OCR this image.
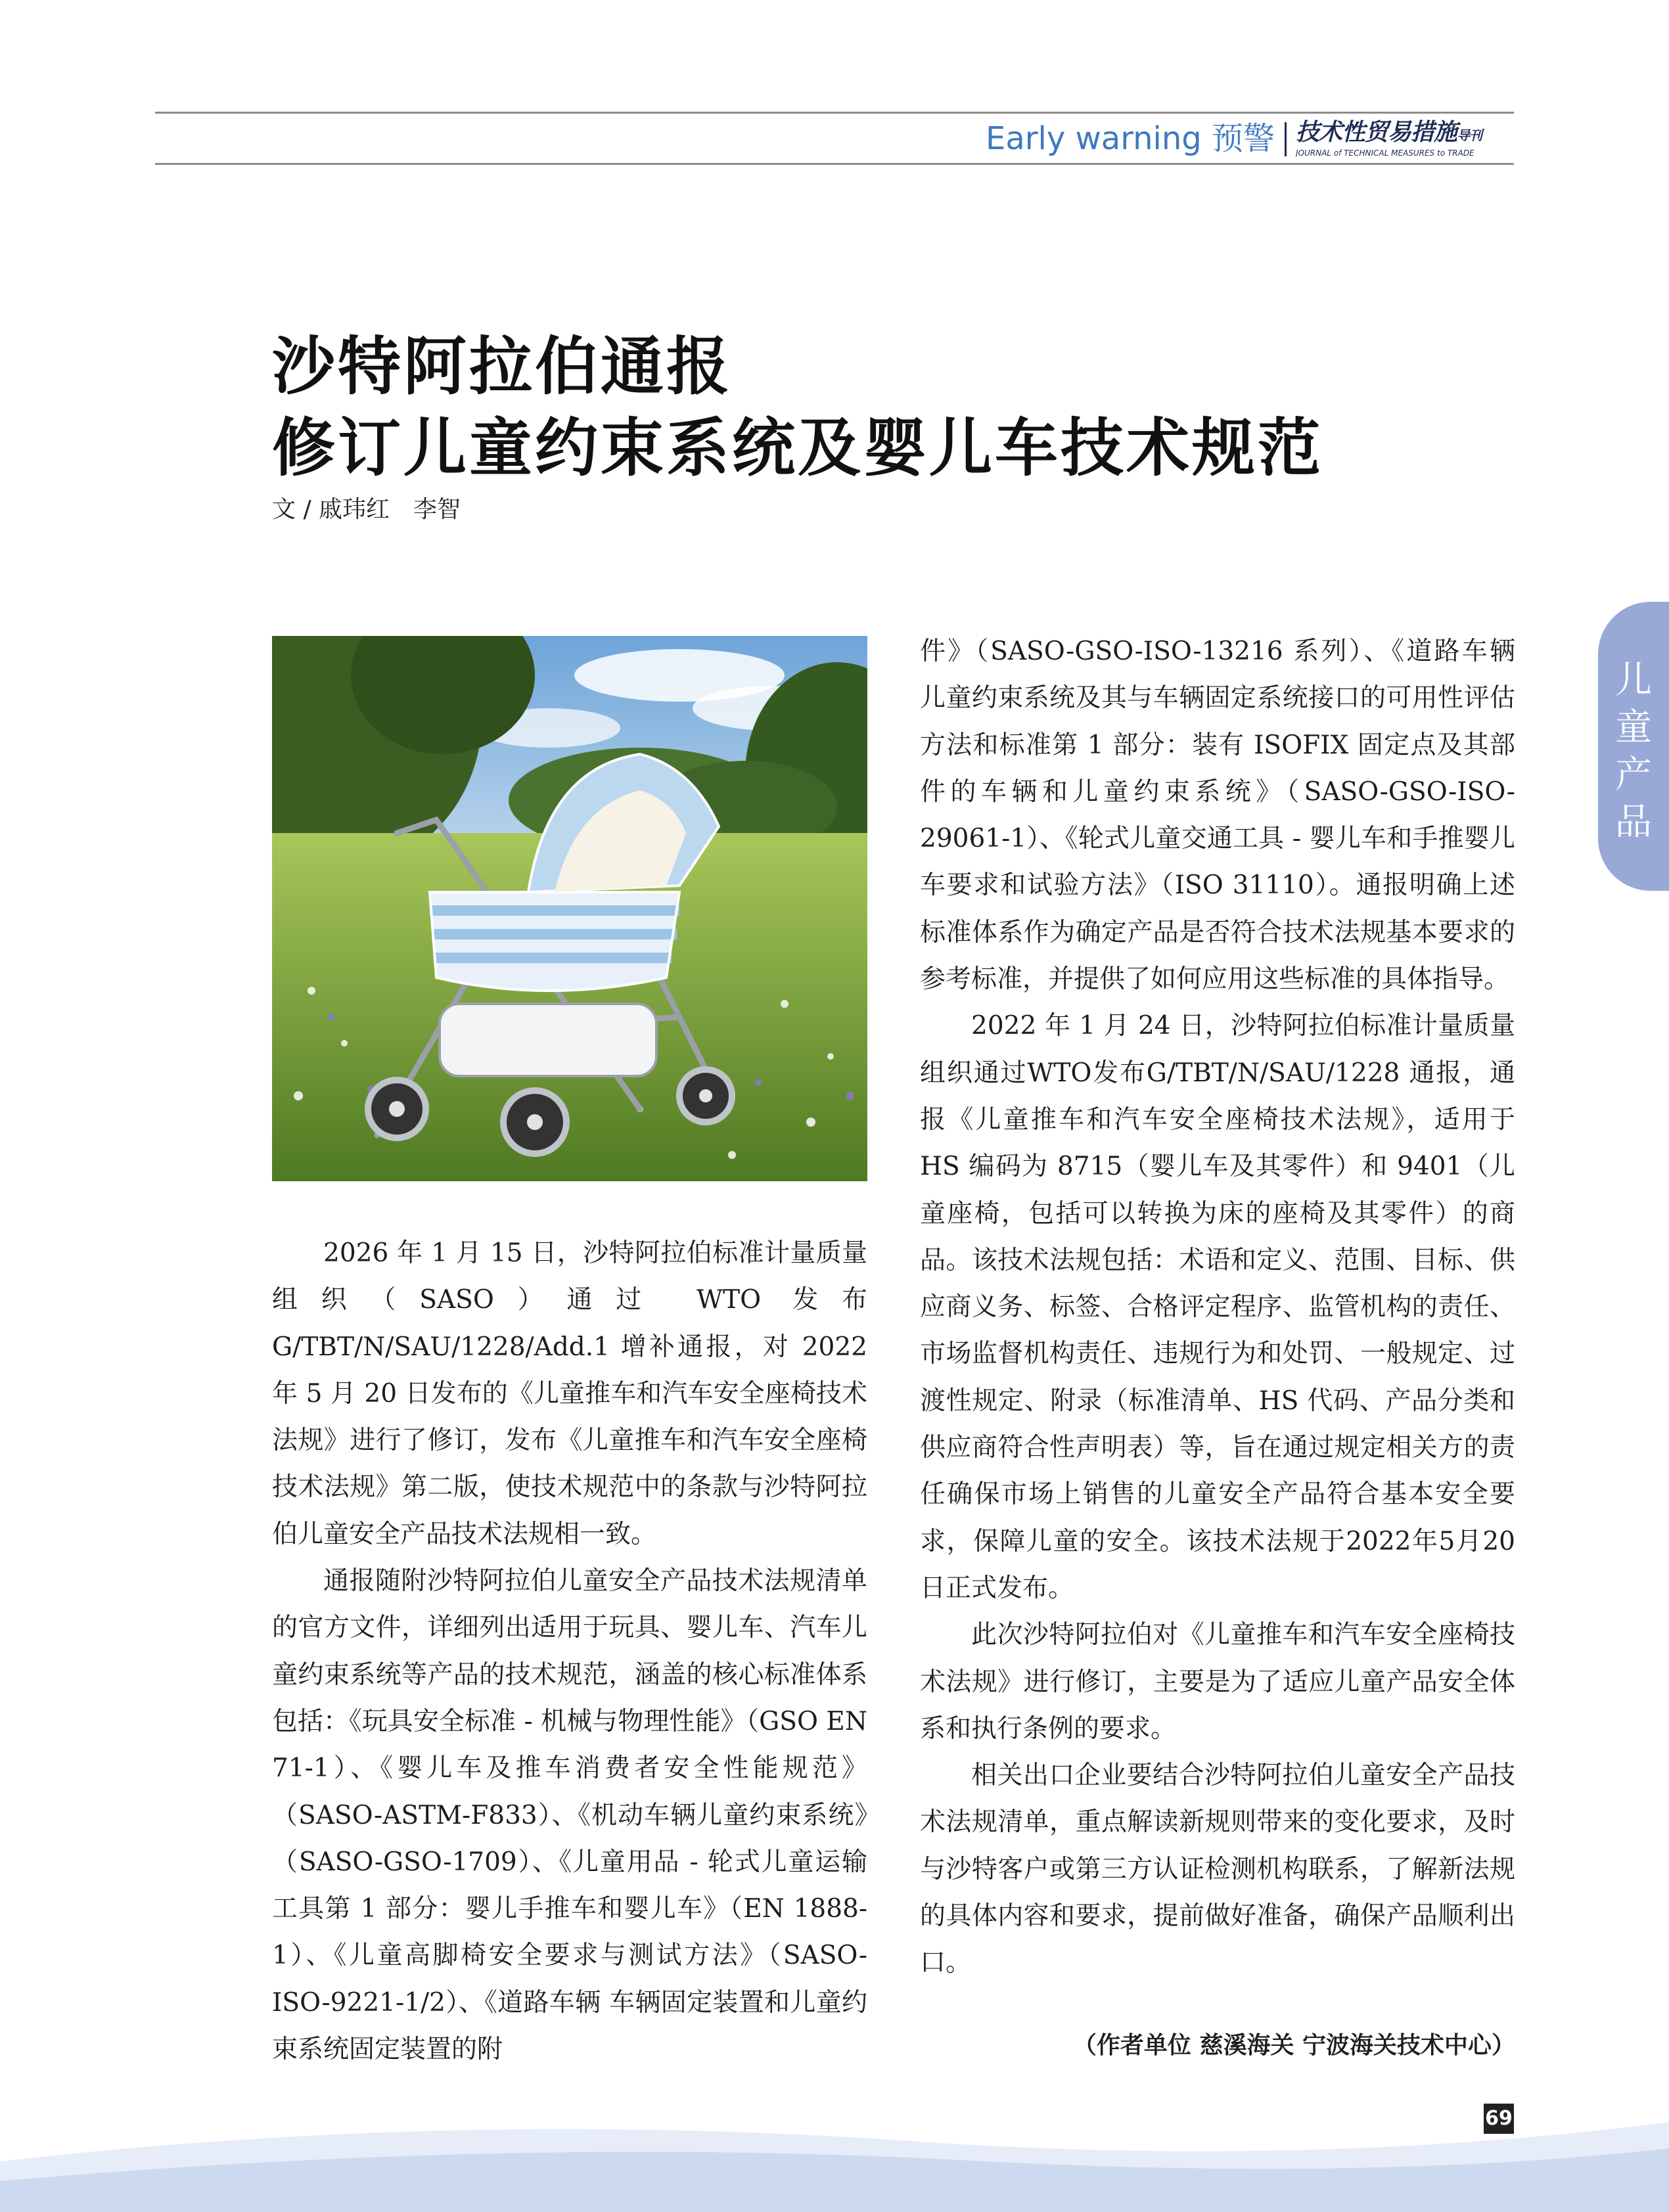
Early warning 预警 技术性贸易措施导刊
JOURNAL of TECHNICAL MEASURES to TRADE
沙特阿拉伯通报
修订儿童约束系统及婴儿车技术规范
文 / 戚玮红　李智

2026 年 1 月 15 日，沙特阿拉伯标准计量质量组织（SASO）通过 WTO 发布 G/TBT/N/SAU/1228/Add.1 增补通报，对 2022 年 5 月 20 日发布的《儿童推车和汽车安全座椅技术法规》进行了修订，发布《儿童推车和汽车安全座椅技术法规》第二版，使技术规范中的条款与沙特阿拉伯儿童安全产品技术法规相一致。

通报随附沙特阿拉伯儿童安全产品技术法规清单的官方文件，详细列出适用于玩具、婴儿车、汽车儿童约束系统等产品的技术规范，涵盖的核心标准体系包括：《玩具安全标准 - 机械与物理性能》（GSO EN 71-1）、《婴儿车及推车消费者安全性能规范》（SASO-ASTM-F833）、《机动车辆儿童约束系统》（SASO-GSO-1709）、《儿童用品 - 轮式儿童运输工具第 1 部分：婴儿手推车和婴儿车》（EN 1888-1）、《儿童高脚椅安全要求与测试方法》（SASO-ISO-9221-1/2）、《道路车辆 车辆固定装置和儿童约束系统固定装置的附

件》（SASO-GSO-ISO-13216 系列）、《道路车辆儿童约束系统及其与车辆固定系统接口的可用性评估方法和标准第 1 部分：装有 ISOFIX 固定点及其部件的车辆和儿童约束系统》（SASO-GSO-ISO-29061-1）、《轮式儿童交通工具 - 婴儿车和手推婴儿车要求和试验方法》（ISO 31110）。通报明确上述标准体系作为确定产品是否符合技术法规基本要求的参考标准，并提供了如何应用这些标准的具体指导。

2022 年 1 月 24 日，沙特阿拉伯标准计量质量组织通过WTO发布G/TBT/N/SAU/1228 通报，通报《儿童推车和汽车安全座椅技术法规》，适用于 HS 编码为 8715（婴儿车及其零件）和 9401（儿童座椅，包括可以转换为床的座椅及其零件）的商品。该技术法规包括：术语和定义、范围、目标、供应商义务、标签、合格评定程序、监管机构的责任、市场监督机构责任、违规行为和处罚、一般规定、过渡性规定、附录（标准清单、HS 代码、产品分类和供应商符合性声明表）等，旨在通过规定相关方的责任确保市场上销售的儿童安全产品符合基本安全要求，保障儿童的安全。该技术法规于2022年5月20日正式发布。

此次沙特阿拉伯对《儿童推车和汽车安全座椅技术法规》进行修订，主要是为了适应儿童产品安全体系和执行条例的要求。

相关出口企业要结合沙特阿拉伯儿童安全产品技术法规清单，重点解读新规则带来的变化要求，及时与沙特客户或第三方认证检测机构联系，了解新法规的具体内容和要求，提前做好准备，确保产品顺利出口。

（作者单位 慈溪海关 宁波海关技术中心）
儿童产品
69
